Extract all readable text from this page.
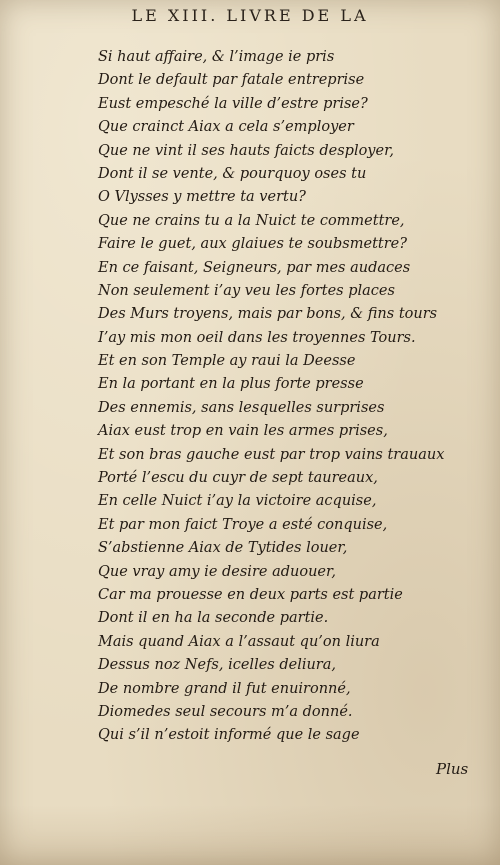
LE XIII. LIVRE DE LA

Si haut affaire, & l’image ie pris

Dont le default par fatale entreprise

Eust empesché la ville d’estre prise?

Que crainct Aiax a cela s’employer

Que ne vint il ses hauts faicts desployer,

Dont il se vente, & pourquoy oses tu

O Vlysses y mettre ta vertu?

Que ne crains tu a la Nuict te commettre,

Faire le guet, aux glaiues te soubsmettre?

En ce faisant, Seigneurs, par mes audaces

Non seulement i’ay veu les fortes places

Des Murs troyens, mais par bons, & fins tours

I’ay mis mon oeil dans les troyennes Tours.

Et en son Temple ay raui la Deesse

En la portant en la plus forte presse

Des ennemis, sans lesquelles surprises

Aiax eust trop en vain les armes prises,

Et son bras gauche eust par trop vains trauaux

Porté l’escu du cuyr de sept taureaux,

En celle Nuict i’ay la victoire acquise,

Et par mon faict Troye a esté conquise,

S’abstienne Aiax de Tytides louer,

Que vray amy ie desire aduouer,

Car ma prouesse en deux parts est partie

Dont il en ha la seconde partie.

Mais quand Aiax a l’assaut qu’on liura

Dessus noz Nefs, icelles deliura,

De nombre grand il fut enuironné,

Diomedes seul secours m’a donné.

Qui s’il n’estoit informé que le sage

Plus
